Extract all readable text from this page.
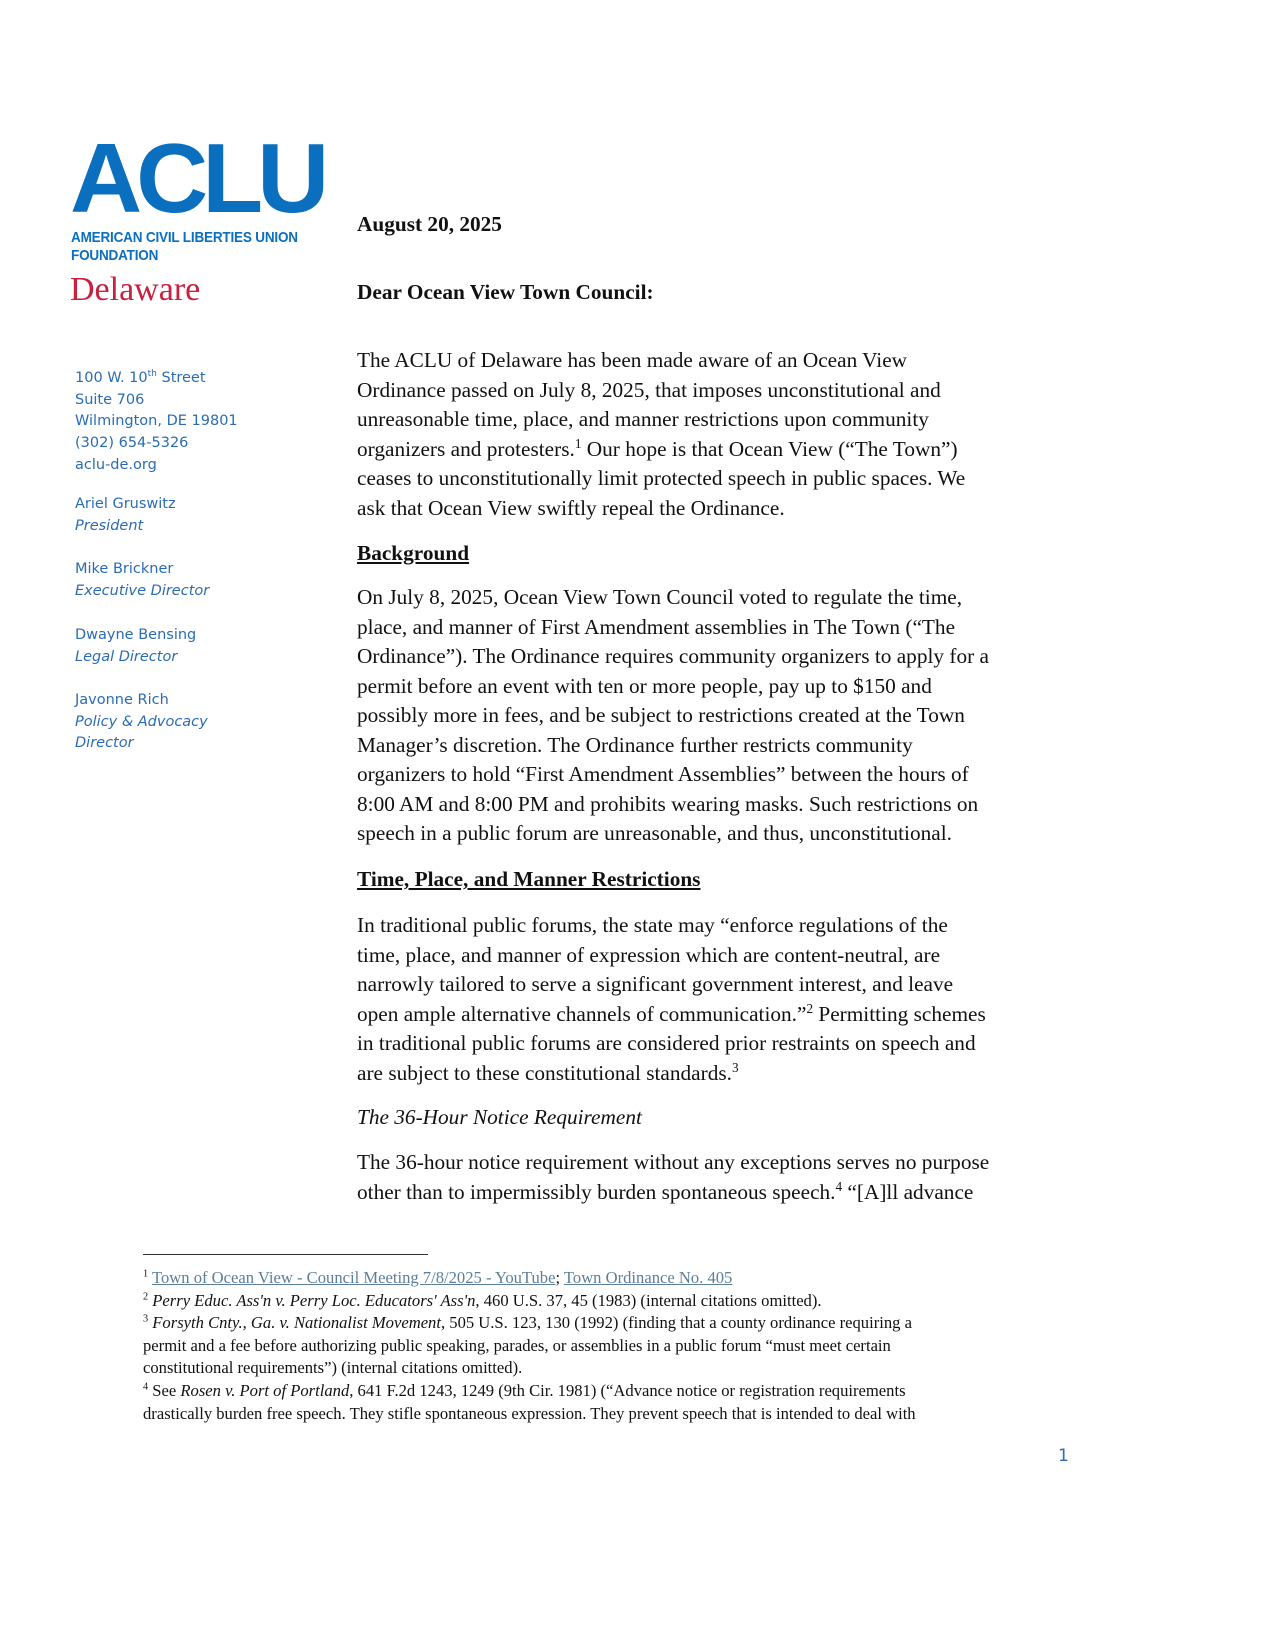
ACLU
AMERICAN CIVIL LIBERTIES UNION
FOUNDATION
Delaware
100 W. 10th Street
Suite 706
Wilmington, DE 19801
(302) 654-5326
aclu-de.org
Ariel Gruswitz
President
Mike Brickner
Executive Director
Dwayne Bensing
Legal Director
Javonne Rich
Policy & Advocacy
Director
August 20, 2025
Dear Ocean View Town Council:
The ACLU of Delaware has been made aware of an Ocean View
Ordinance passed on July 8, 2025, that imposes unconstitutional and
unreasonable time, place, and manner restrictions upon community
organizers and protesters.$^1$ Our hope is that Ocean View (“The Town”)
ceases to unconstitutionally limit protected speech in public spaces. We
ask that Ocean View swiftly repeal the Ordinance.
Background
On July 8, 2025, Ocean View Town Council voted to regulate the time,
place, and manner of First Amendment assemblies in The Town (“The
Ordinance”). The Ordinance requires community organizers to apply for a
permit before an event with ten or more people, pay up to $150 and
possibly more in fees, and be subject to restrictions created at the Town
Manager’s discretion. The Ordinance further restricts community
organizers to hold “First Amendment Assemblies” between the hours of
8:00 AM and 8:00 PM and prohibits wearing masks. Such restrictions on
speech in a public forum are unreasonable, and thus, unconstitutional.
Time, Place, and Manner Restrictions
In traditional public forums, the state may “enforce regulations of the
time, place, and manner of expression which are content-neutral, are
narrowly tailored to serve a significant government interest, and leave
open ample alternative channels of communication.”$^2$ Permitting schemes
in traditional public forums are considered prior restraints on speech and
are subject to these constitutional standards.$^3$
The 36-Hour Notice Requirement
The 36-hour notice requirement without any exceptions serves no purpose
other than to impermissibly burden spontaneous speech.$^4$ “[A]ll advance
$^1$ Town of Ocean View - Council Meeting 7/8/2025 - YouTube; Town Ordinance No. 405
$^2$ Perry Educ. Ass'n v. Perry Loc. Educators' Ass'n, 460 U.S. 37, 45 (1983) (internal citations omitted).
$^3$ Forsyth Cnty., Ga. v. Nationalist Movement, 505 U.S. 123, 130 (1992) (finding that a county ordinance requiring a
permit and a fee before authorizing public speaking, parades, or assemblies in a public forum “must meet certain
constitutional requirements”) (internal citations omitted).
$^4$ See Rosen v. Port of Portland, 641 F.2d 1243, 1249 (9th Cir. 1981) (“Advance notice or registration requirements
drastically burden free speech. They stifle spontaneous expression. They prevent speech that is intended to deal with
1
